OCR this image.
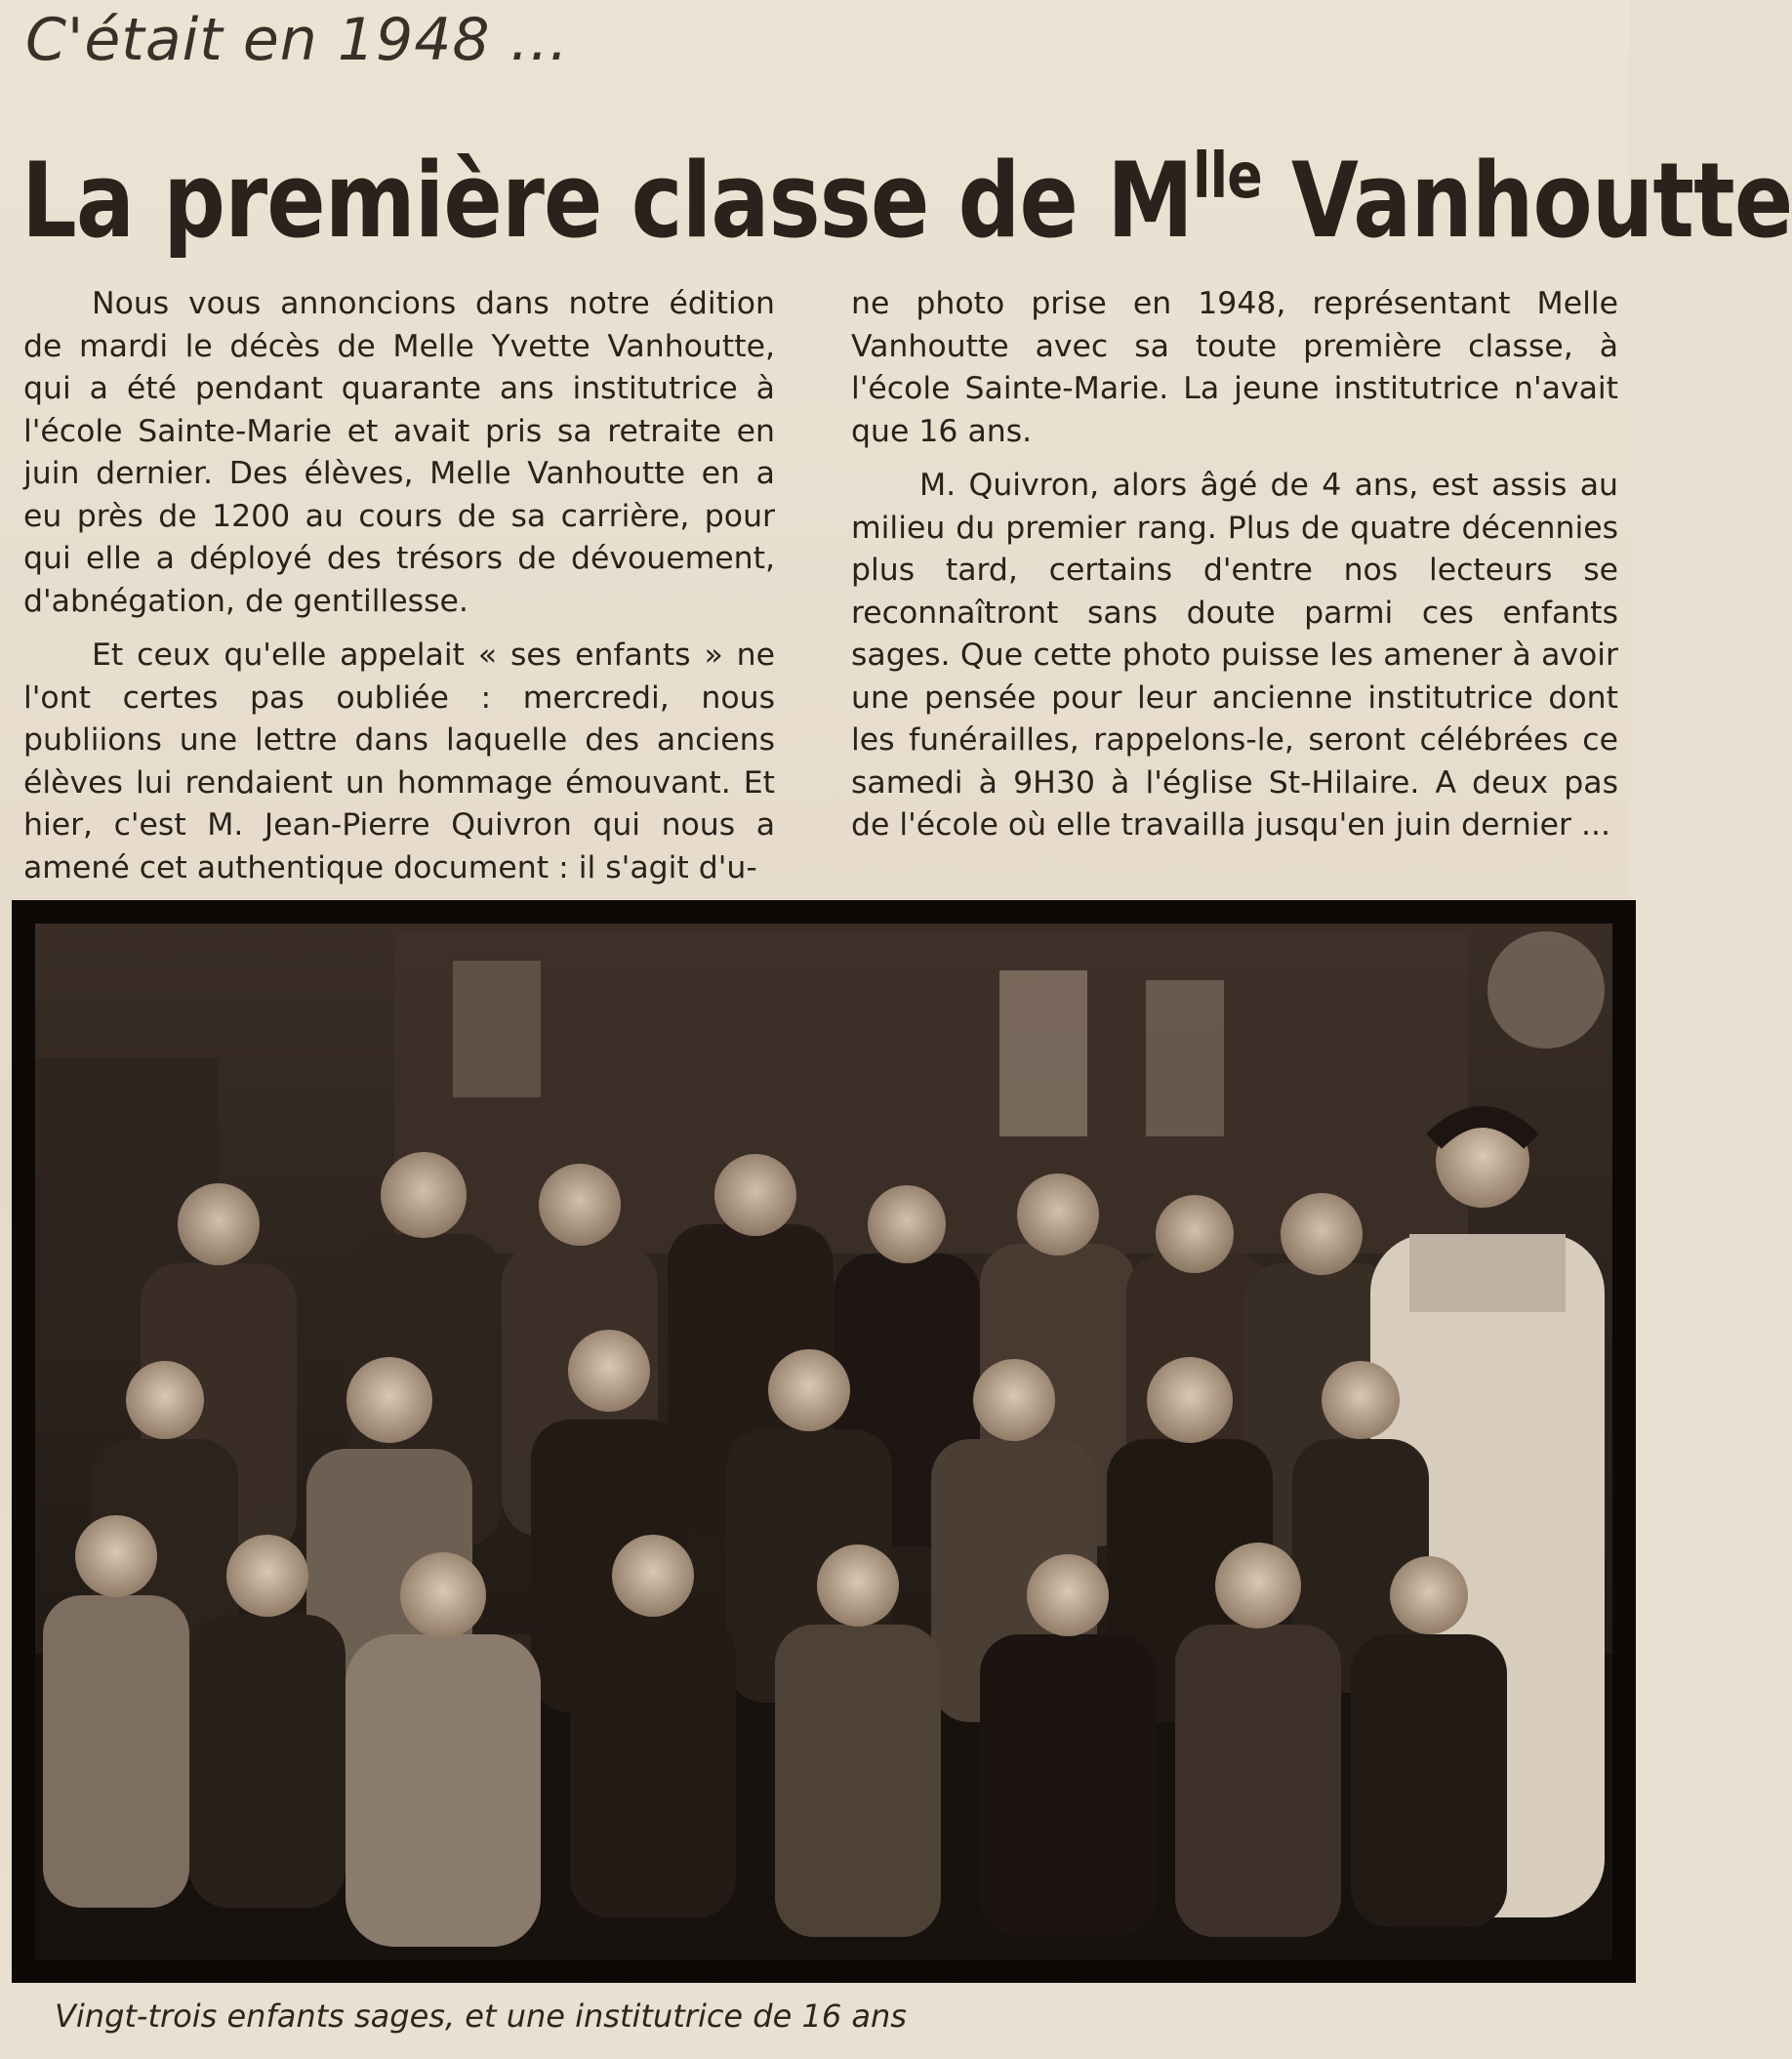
C'était en 1948 ...
La première classe de $M^{lle}$ Vanhoutte

Nous vous annoncions dans notre édition de mardi le décès de Melle Yvette Vanhoutte, qui a été pendant quarante ans institutrice à l'école Sainte-Marie et avait pris sa retraite en juin dernier. Des élèves, Melle Vanhoutte en a eu près de 1200 au cours de sa carrière, pour qui elle a déployé des trésors de dévouement, d'abnégation, de gentillesse.

Et ceux qu'elle appelait « ses enfants » ne l'ont certes pas oubliée : mercredi, nous publiions une lettre dans laquelle des anciens élèves lui rendaient un hommage émouvant. Et hier, c'est M. Jean-Pierre Quivron qui nous a amené cet authentique document : il s'agit d'u-

ne photo prise en 1948, représentant Melle Vanhoutte avec sa toute première classe, à l'école Sainte-Marie. La jeune institutrice n'avait que 16 ans.

M. Quivron, alors âgé de 4 ans, est assis au milieu du premier rang. Plus de quatre décennies plus tard, certains d'entre nos lecteurs se reconnaîtront sans doute parmi ces enfants sages. Que cette photo puisse les amener à avoir une pensée pour leur ancienne institutrice dont les funérailles, rappelons-le, seront célébrées ce samedi à 9H30 à l'église St-Hilaire. A deux pas de l'école où elle travailla jusqu'en juin dernier ...

Vingt-trois enfants sages, et une institutrice de 16 ans
